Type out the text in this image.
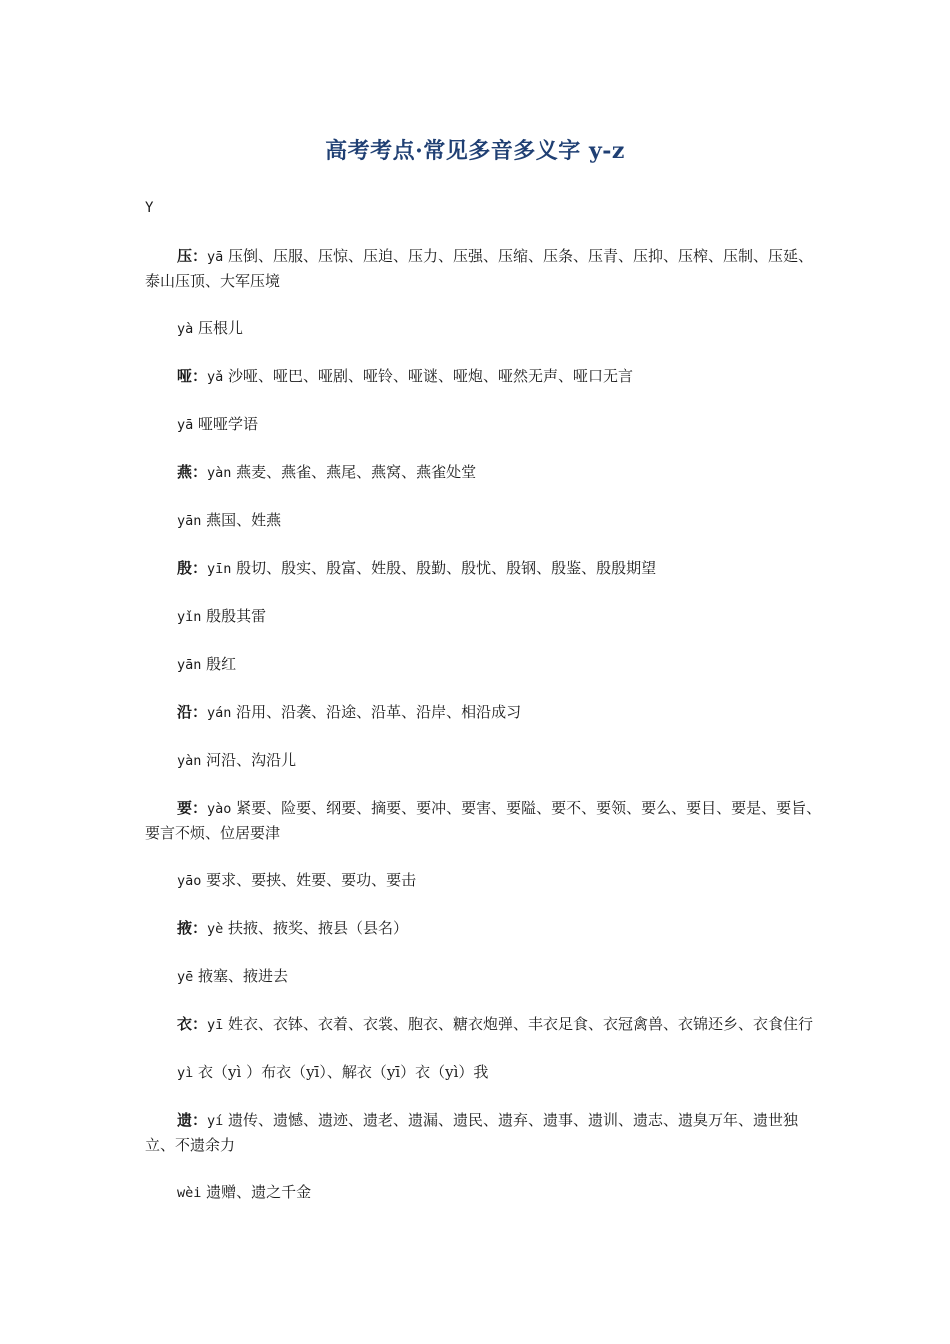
高考考点·常见多音多义字 y-z
Y

压：yā 压倒、压服、压惊、压迫、压力、压强、压缩、压条、压青、压抑、压榨、压制、压延、泰山压顶、大军压境

yà 压根儿

哑：yǎ 沙哑、哑巴、哑剧、哑铃、哑谜、哑炮、哑然无声、哑口无言

yā 哑哑学语

燕：yàn 燕麦、燕雀、燕尾、燕窝、燕雀处堂

yān 燕国、姓燕

殷：yīn 殷切、殷实、殷富、姓殷、殷勤、殷忧、殷钢、殷鉴、殷殷期望

yǐn 殷殷其雷

yān 殷红

沿：yán 沿用、沿袭、沿途、沿革、沿岸、相沿成习

yàn 河沿、沟沿儿

要：yào 紧要、险要、纲要、摘要、要冲、要害、要隘、要不、要领、要么、要目、要是、要旨、要言不烦、位居要津

yāo 要求、要挟、姓要、要功、要击

掖：yè 扶掖、掖奖、掖县（县名）

yē 掖塞、掖进去

衣：yī 姓衣、衣钵、衣着、衣裳、胞衣、糖衣炮弹、丰衣足食、衣冠禽兽、衣锦还乡、衣食住行

yì 衣（yì ）布衣（yī）、解衣（yī）衣（yì）我

遗：yí 遗传、遗憾、遗迹、遗老、遗漏、遗民、遗弃、遗事、遗训、遗志、遗臭万年、遗世独立、不遗余力

wèi 遗赠、遗之千金
